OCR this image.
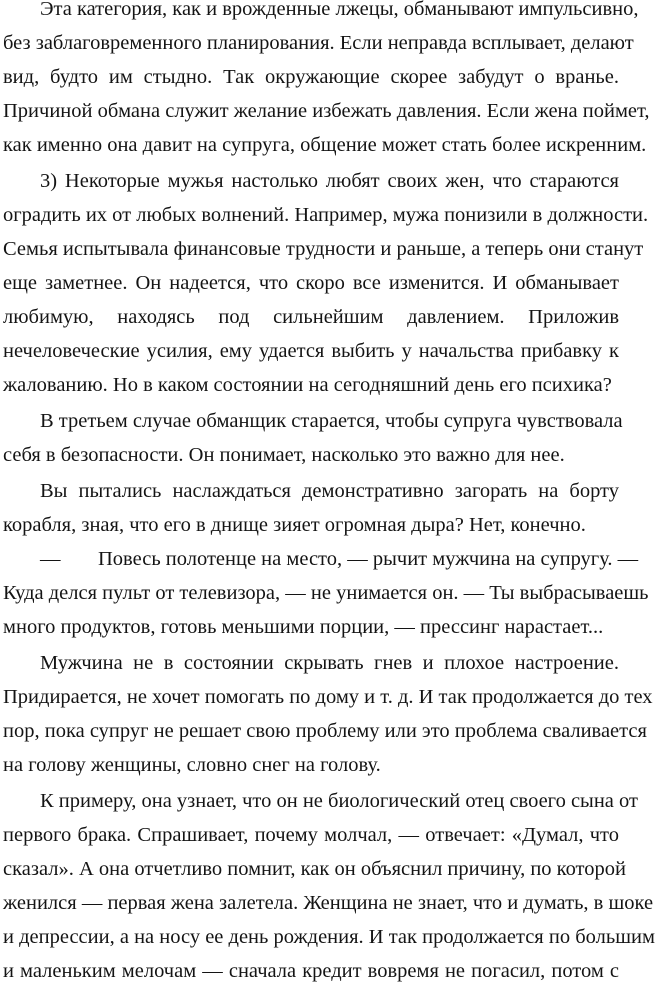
Эта категория, как и врожденные лжецы, обманывают импульсивно,
без заблаговременного планирования. Если неправда всплывает, делают
вид, будто им стыдно. Так окружающие скорее забудут о вранье.
Причиной обмана служит желание избежать давления. Если жена поймет,
как именно она давит на супруга, общение может стать более искренним.
3) Некоторые мужья настолько любят своих жен, что стараются
оградить их от любых волнений. Например, мужа понизили в должности.
Семья испытывала финансовые трудности и раньше, а теперь они станут
еще заметнее. Он надеется, что скоро все изменится. И обманывает
любимую, находясь под сильнейшим давлением. Приложив
нечеловеческие усилия, ему удается выбить у начальства прибавку к
жалованию. Но в каком состоянии на сегодняшний день его психика?
В третьем случае обманщик старается, чтобы супруга чувствовала
себя в безопасности. Он понимает, насколько это важно для нее.
Вы пытались наслаждаться демонстративно загорать на борту
корабля, зная, что его в днище зияет огромная дыра? Нет, конечно.
— Повесь полотенце на место, — рычит мужчина на супругу. —
Куда делся пульт от телевизора, — не унимается он. — Ты выбрасываешь
много продуктов, готовь меньшими порции, — прессинг нарастает...
Мужчина не в состоянии скрывать гнев и плохое настроение.
Придирается, не хочет помогать по дому и т. д. И так продолжается до тех
пор, пока супруг не решает свою проблему или это проблема сваливается
на голову женщины, словно снег на голову.
К примеру, она узнает, что он не биологический отец своего сына от
первого брака. Спрашивает, почему молчал, — отвечает: «Думал, что
сказал». А она отчетливо помнит, как он объяснил причину, по которой
женился — первая жена залетела. Женщина не знает, что и думать, в шоке
и депрессии, а на носу ее день рождения. И так продолжается по большим
и маленьким мелочам — сначала кредит вовремя не погасил, потом с
